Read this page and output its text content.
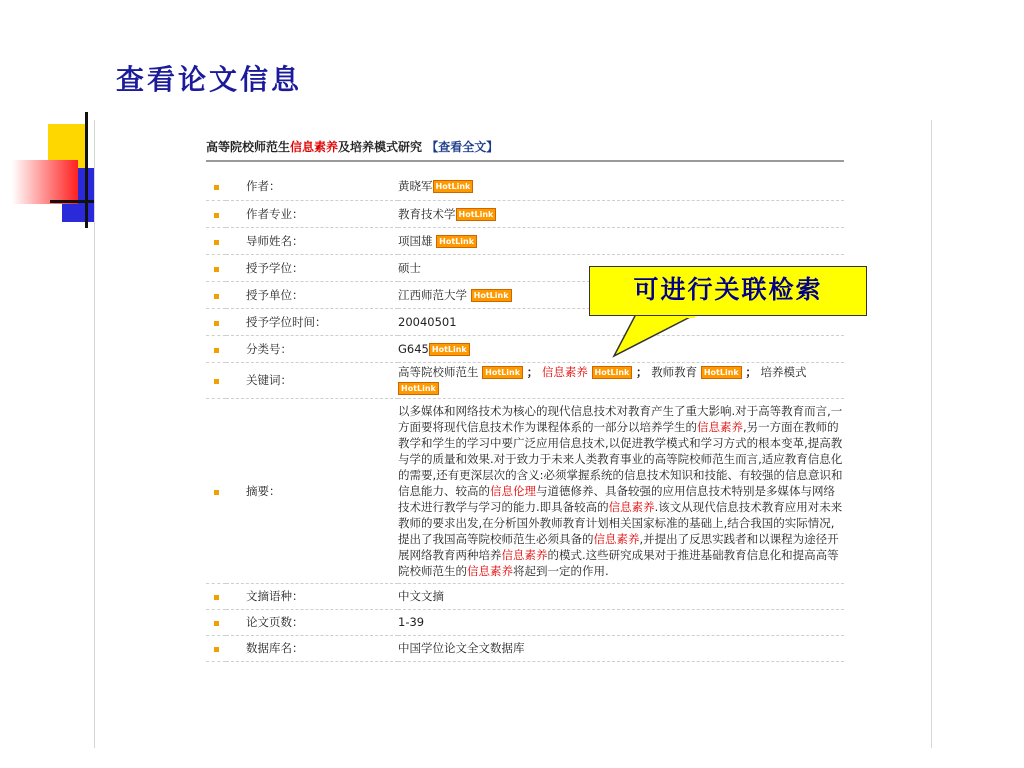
查看论文信息
高等院校师范生信息素养及培养模式研究 【查看全文】
	作者：	黄晓军 HotLink
	作者专业：	教育技术学 HotLink
	导师姓名：	项国雄 HotLink
	授予学位：	硕士
	授予单位：	江西师范大学 HotLink
	授予学位时间：	20040501
	分类号：	G645 HotLink
	关键词：	高等院校师范生 HotLink ； 信息素养 HotLink ； 教师教育 HotLink ； 培养模式
HotLink
	摘要：	以多媒体和网络技术为核心的现代信息技术对教育产生了重大影响.对于高等教育而言,一方面要将现代信息技术作为课程体系的一部分以培养学生的信息素养,另一方面在教师的教学和学生的学习中要广泛应用信息技术,以促进教学模式和学习方式的根本变革,提高教与学的质量和效果.对于致力于未来人类教育事业的高等院校师范生而言,适应教育信息化的需要,还有更深层次的含义:必须掌握系统的信息技术知识和技能、有较强的信息意识和信息能力、较高的信息伦理与道德修养、具备较强的应用信息技术特别是多媒体与网络技术进行教学与学习的能力.即具备较高的信息素养.该文从现代信息技术教育应用对未来教师的要求出发,在分析国外教师教育计划相关国家标准的基础上,结合我国的实际情况,提出了我国高等院校师范生必须具备的信息素养,并提出了反思实践者和以课程为途径开展网络教育两种培养信息素养的模式.这些研究成果对于推进基础教育信息化和提高高等院校师范生的信息素养将起到一定的作用.
	文摘语种：	中文文摘
	论文页数：	1-39
	数据库名：	中国学位论文全文数据库
可进行关联检索
